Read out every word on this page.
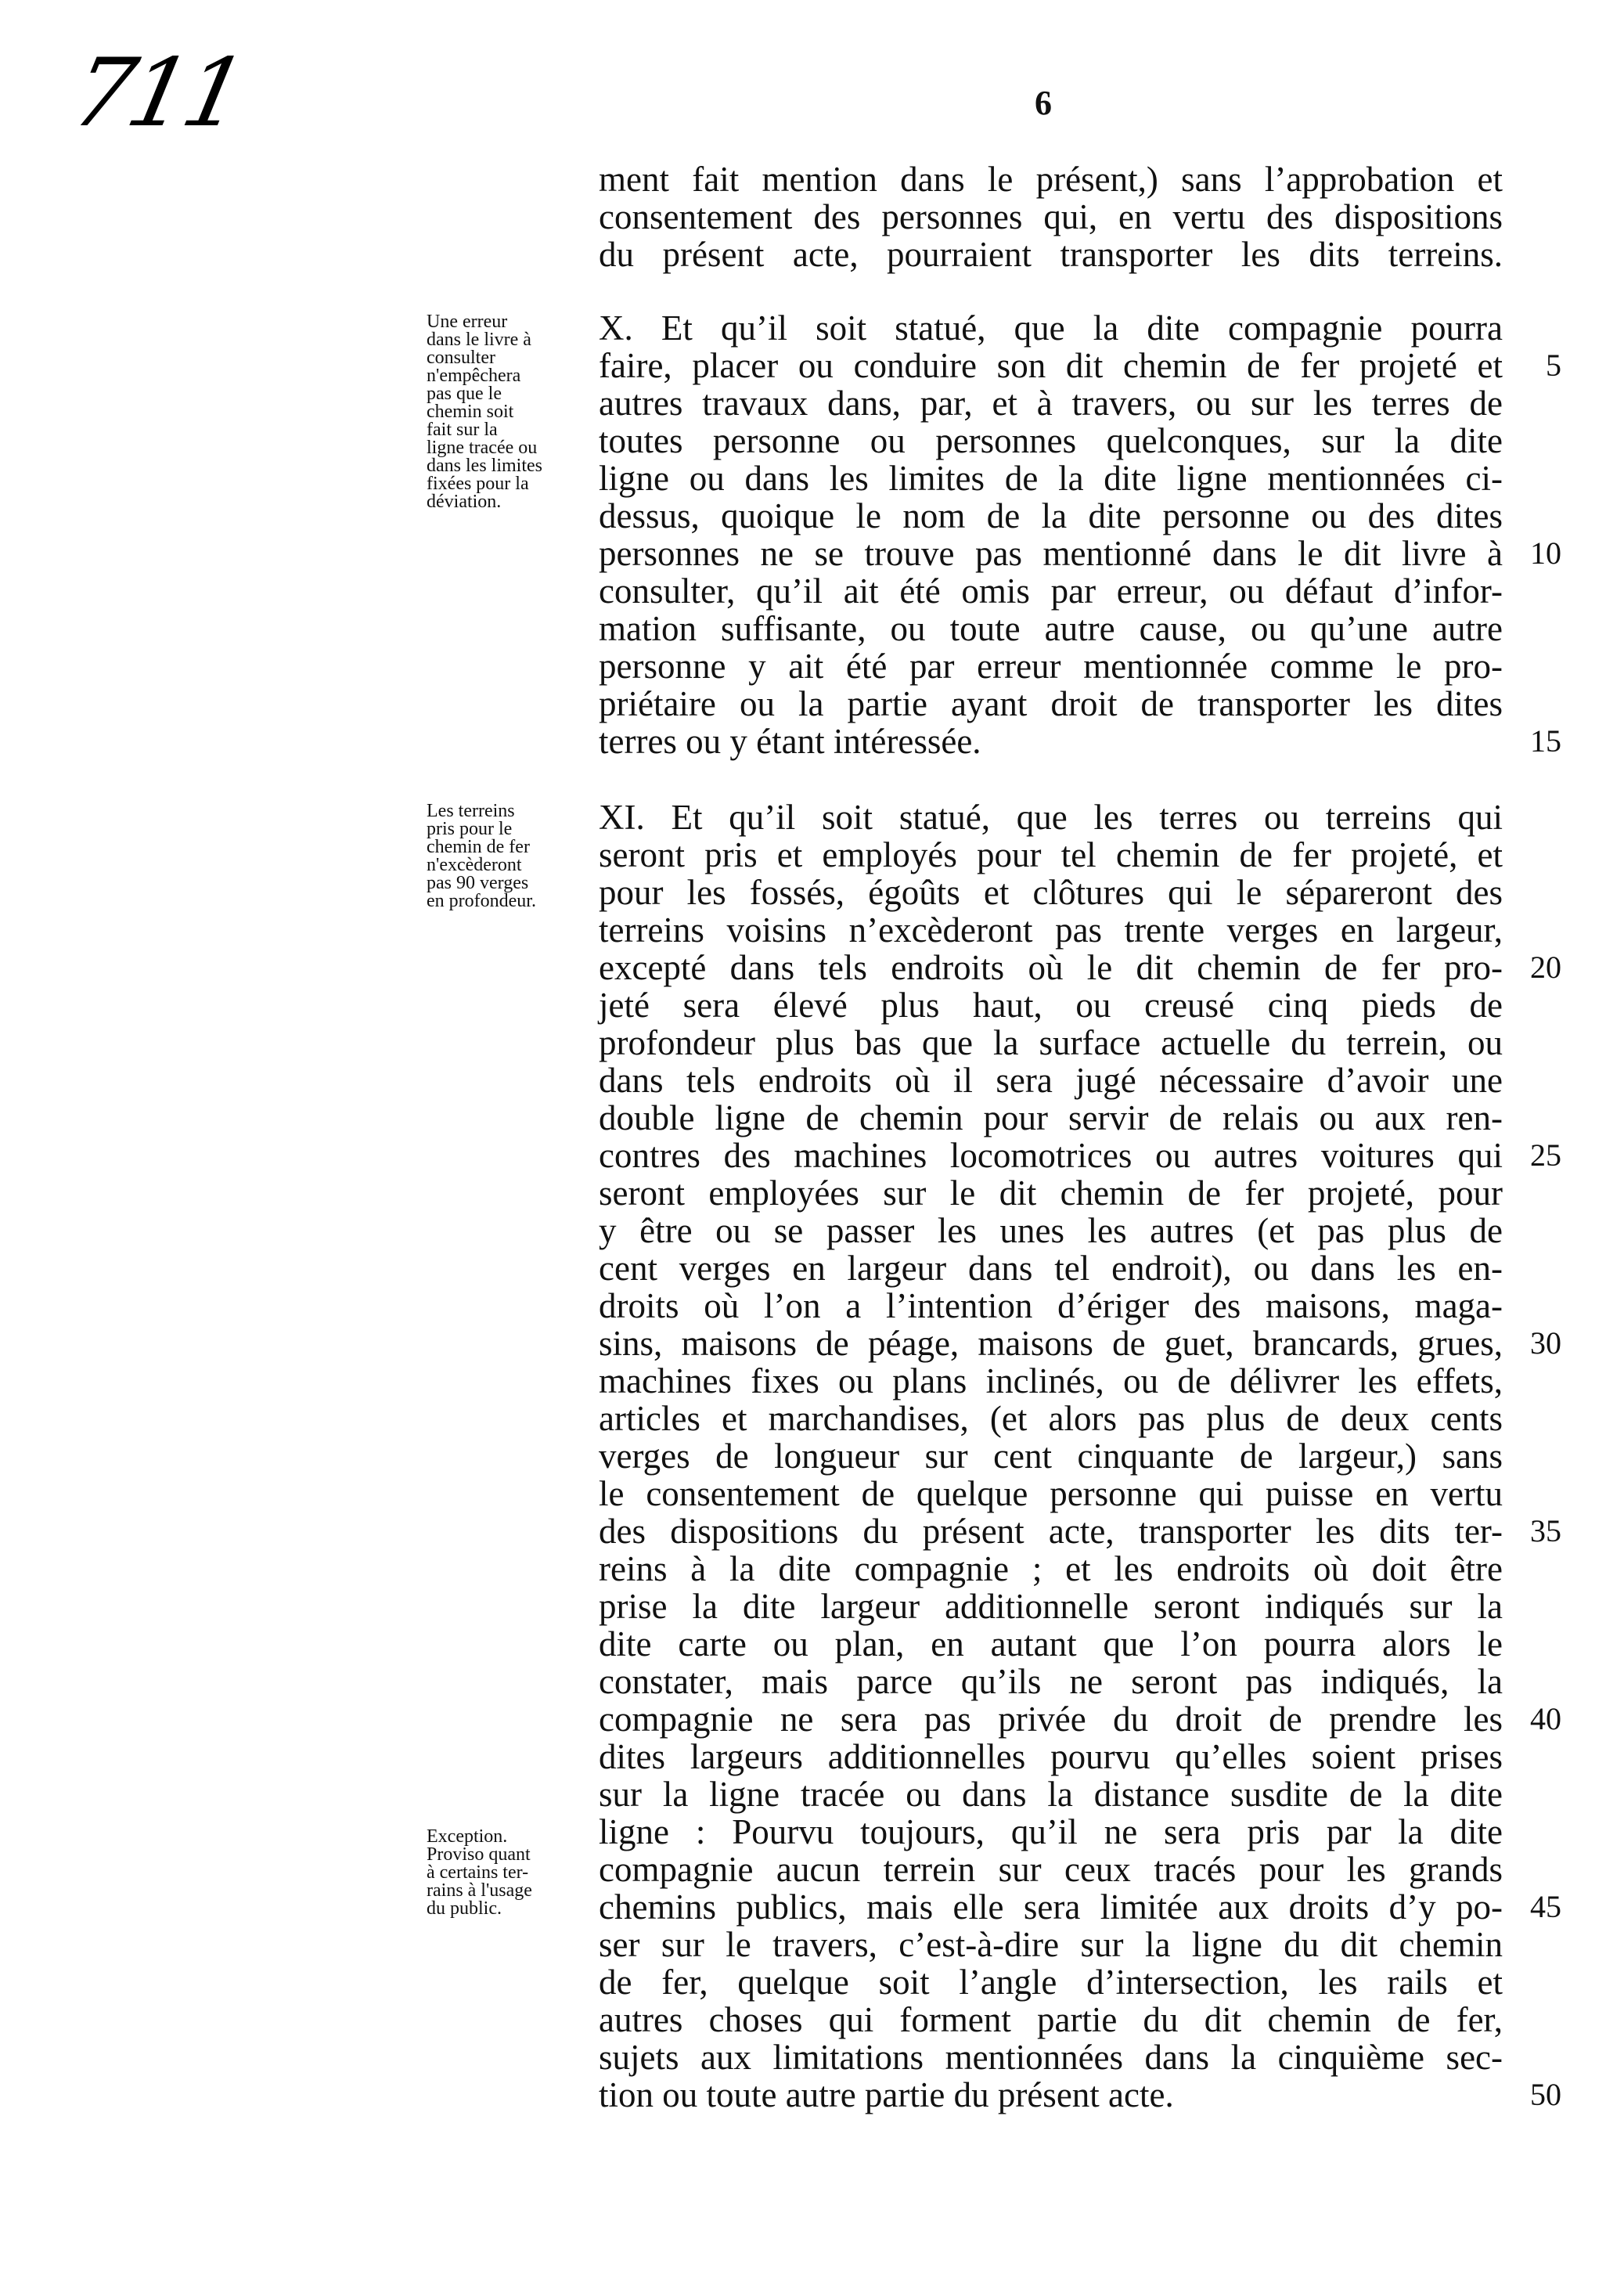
711	6
Une erreur
dans le livre à
consulter
n'empêchera
pas que le
chemin soit
fait sur la
ligne tracée ou
dans les limites
fixées pour la
déviation.
Les terreins
pris pour le
chemin de fer
n'excèderont
pas 90 verges
en profondeur.
Exception.
Proviso quant
à certains ter-
rains à l'usage
du public.
ment fait mention dans le présent,) sans l’approbation et
consentement des personnes qui, en vertu des dispositions
du présent acte, pourraient transporter les dits terreins.
X. Et qu’il soit statué, que la dite compagnie pourra
faire, placer ou conduire son dit chemin de fer projeté et
autres travaux dans, par, et à travers, ou sur les terres de
toutes personne ou personnes quelconques, sur la dite
ligne ou dans les limites de la dite ligne mentionnées ci-
dessus, quoique le nom de la dite personne ou des dites
personnes ne se trouve pas mentionné dans le dit livre à
consulter, qu’il ait été omis par erreur, ou défaut d’infor-
mation suffisante, ou toute autre cause, ou qu’une autre
personne y ait été par erreur mentionnée comme le pro-
priétaire ou la partie ayant droit de transporter les dites
terres ou y étant intéressée.
XI. Et qu’il soit statué, que les terres ou terreins qui
seront pris et employés pour tel chemin de fer projeté, et
pour les fossés, égoûts et clôtures qui le sépareront des
terreins voisins n’excèderont pas trente verges en largeur,
excepté dans tels endroits où le dit chemin de fer pro-
jeté sera élevé plus haut, ou creusé cinq pieds de
profondeur plus bas que la surface actuelle du terrein, ou
dans tels endroits où il sera jugé nécessaire d’avoir une
double ligne de chemin pour servir de relais ou aux ren-
contres des machines locomotrices ou autres voitures qui
seront employées sur le dit chemin de fer projeté, pour
y être ou se passer les unes les autres (et pas plus de
cent verges en largeur dans tel endroit), ou dans les en-
droits où l’on a l’intention d’ériger des maisons, maga-
sins, maisons de péage, maisons de guet, brancards, grues,
machines fixes ou plans inclinés, ou de délivrer les effets,
articles et marchandises, (et alors pas plus de deux cents
verges de longueur sur cent cinquante de largeur,) sans
le consentement de quelque personne qui puisse en vertu
des dispositions du présent acte, transporter les dits ter-
reins à la dite compagnie ; et les endroits où doit être
prise la dite largeur additionnelle seront indiqués sur la
dite carte ou plan, en autant que l’on pourra alors le
constater, mais parce qu’ils ne seront pas indiqués, la
compagnie ne sera pas privée du droit de prendre les
dites largeurs additionnelles pourvu qu’elles soient prises
sur la ligne tracée ou dans la distance susdite de la dite
ligne : Pourvu toujours, qu’il ne sera pris par la dite
compagnie aucun terrein sur ceux tracés pour les grands
chemins publics, mais elle sera limitée aux droits d’y po-
ser sur le travers, c’est-à-dire sur la ligne du dit chemin
de fer, quelque soit l’angle d’intersection, les rails et
autres choses qui forment partie du dit chemin de fer,
sujets aux limitations mentionnées dans la cinquième sec-
tion ou toute autre partie du présent acte.
5
10
15
20
25
30
35
40
45
50
